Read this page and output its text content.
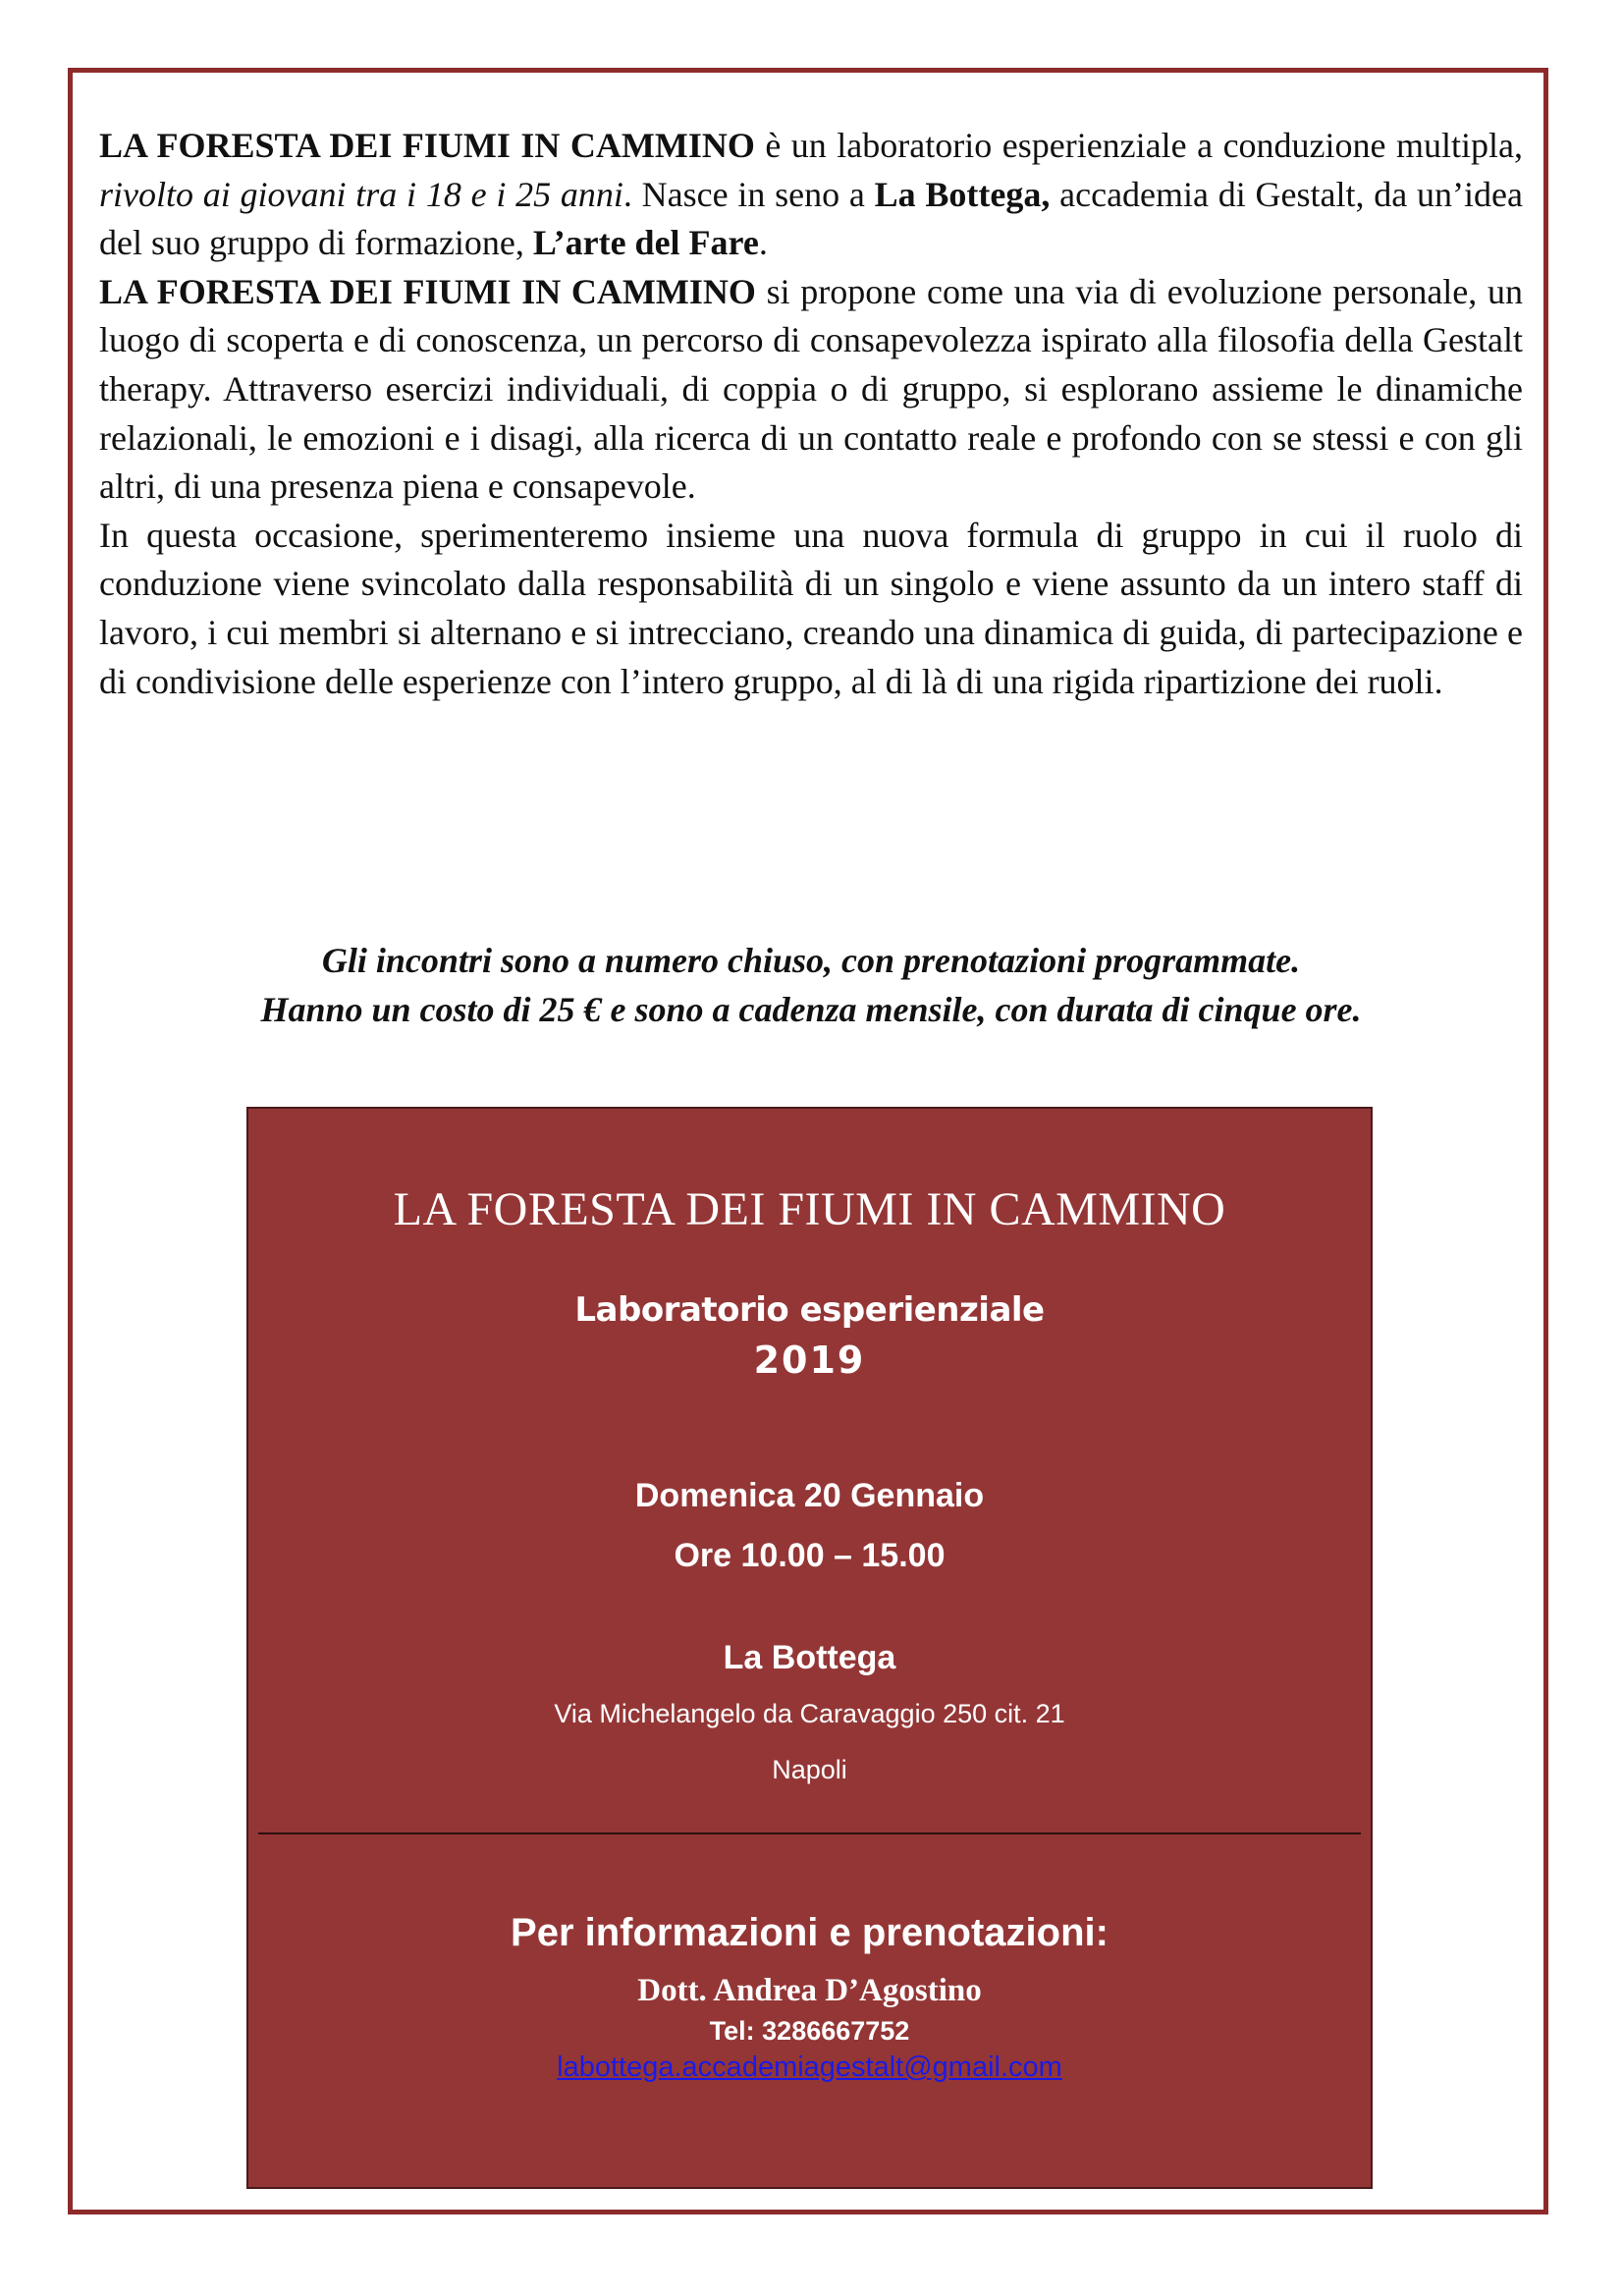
LA FORESTA DEI FIUMI IN CAMMINO è un laboratorio esperienziale a conduzione multipla, rivolto ai giovani tra i 18 e i 25 anni. Nasce in seno a La Bottega, accademia di Gestalt, da un’idea del suo gruppo di formazione, L’arte del Fare.

LA FORESTA DEI FIUMI IN CAMMINO si propone come una via di evoluzione personale, un luogo di scoperta e di conoscenza, un percorso di consapevolezza ispirato alla filosofia della Gestalt therapy. Attraverso esercizi individuali, di coppia o di gruppo, si esplorano assieme le dinamiche relazionali, le emozioni e i disagi, alla ricerca di un contatto reale e profondo con se stessi e con gli altri, di una presenza piena e consapevole.

In questa occasione, sperimenteremo insieme una nuova formula di gruppo in cui il ruolo di conduzione viene svincolato dalla responsabilità di un singolo e viene assunto da un intero staff di lavoro, i cui membri si alternano e si intrecciano, creando una dinamica di guida, di partecipazione e di condivisione delle esperienze con l’intero gruppo, al di là di una rigida ripartizione dei ruoli.

Gli incontri sono a numero chiuso, con prenotazioni programmate.
Hanno un costo di 25 € e sono a cadenza mensile, con durata di cinque ore.
LA FORESTA DEI FIUMI IN CAMMINO
Laboratorio esperienziale
2019
Domenica 20 Gennaio
Ore 10.00 – 15.00
La Bottega
Via Michelangelo da Caravaggio 250 cit. 21
Napoli
Per informazioni e prenotazioni:
Dott. Andrea D’Agostino
Tel: 3286667752
labottega.accademiagestalt@gmail.com
